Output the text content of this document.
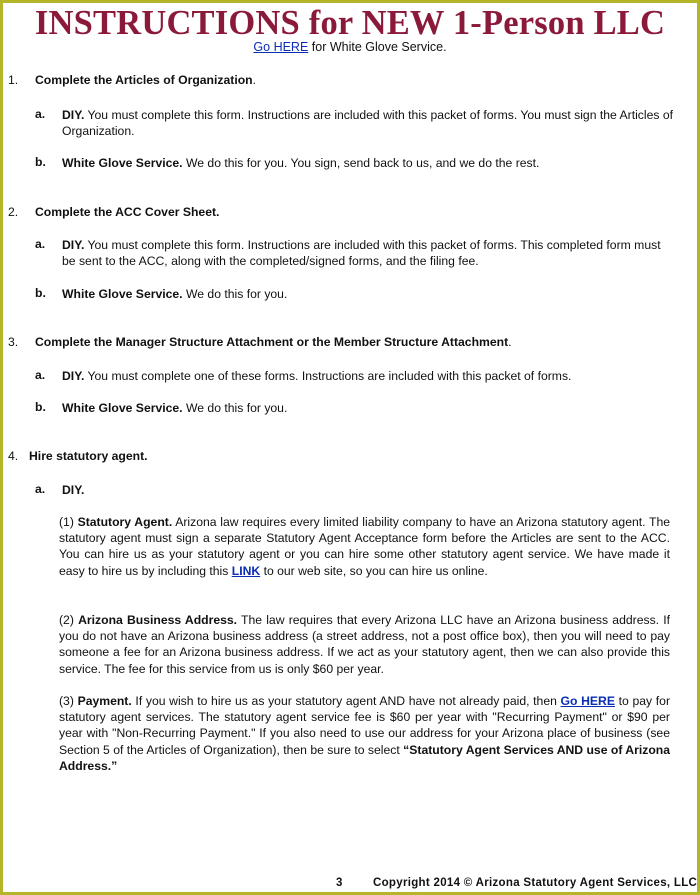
INSTRUCTIONS for NEW 1-Person LLC
Go HERE for White Glove Service.
1. Complete the Articles of Organization.
a. DIY. You must complete this form. Instructions are included with this packet of forms. You must sign the Articles of Organization.
b. White Glove Service. We do this for you. You sign, send back to us, and we do the rest.
2. Complete the ACC Cover Sheet.
a. DIY. You must complete this form. Instructions are included with this packet of forms. This completed form must be sent to the ACC, along with the completed/signed forms, and the filing fee.
b. White Glove Service. We do this for you.
3. Complete the Manager Structure Attachment or the Member Structure Attachment.
a. DIY. You must complete one of these forms. Instructions are included with this packet of forms.
b. White Glove Service. We do this for you.
4. Hire statutory agent.
a. DIY.
(1) Statutory Agent. Arizona law requires every limited liability company to have an Arizona statutory agent. The statutory agent must sign a separate Statutory Agent Acceptance form before the Articles are sent to the ACC. You can hire us as your statutory agent or you can hire some other statutory agent service. We have made it easy to hire us by including this LINK to our web site, so you can hire us online.
(2) Arizona Business Address. The law requires that every Arizona LLC have an Arizona business address. If you do not have an Arizona business address (a street address, not a post office box), then you will need to pay someone a fee for an Arizona business address. If we act as your statutory agent, then we can also provide this service. The fee for this service from us is only $60 per year.
(3) Payment. If you wish to hire us as your statutory agent AND have not already paid, then Go HERE to pay for statutory agent services. The statutory agent service fee is $60 per year with "Recurring Payment" or $90 per year with "Non-Recurring Payment." If you also need to use our address for your Arizona place of business (see Section 5 of the Articles of Organization), then be sure to select “Statutory Agent Services AND use of Arizona Address.”
3	Copyright 2014 © Arizona Statutory Agent Services, LLC
